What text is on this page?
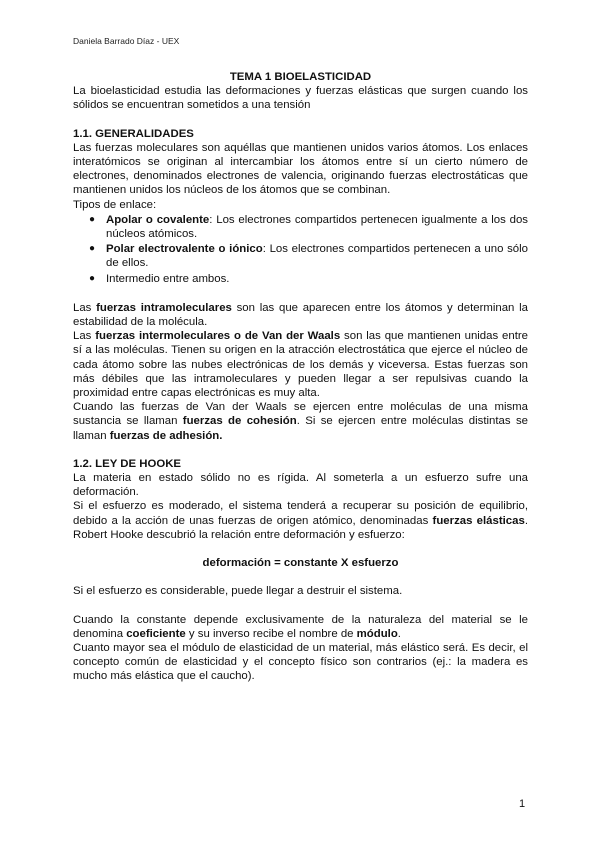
Daniela Barrado Díaz - UEX

TEMA 1 BIOELASTICIDAD

La bioelasticidad estudia las deformaciones y fuerzas elásticas que surgen cuando los sólidos se encuentran sometidos a una tensión

1.1. GENERALIDADES

Las fuerzas moleculares son aquéllas que mantienen unidos varios átomos. Los enlaces interatómicos se originan al intercambiar los átomos entre sí un cierto número de electrones, denominados electrones de valencia, originando fuerzas electrostáticas que mantienen unidos los núcleos de los átomos que se combinan.

Tipos de enlace:

● Apolar o covalente: Los electrones compartidos pertenecen igualmente a los dos núcleos atómicos.
● Polar electrovalente o iónico: Los electrones compartidos pertenecen a uno sólo de ellos.
● Intermedio entre ambos.

Las fuerzas intramoleculares son las que aparecen entre los átomos y determinan la estabilidad de la molécula.

Las fuerzas intermoleculares o de Van der Waals son las que mantienen unidas entre sí a las moléculas. Tienen su origen en la atracción electrostática que ejerce el núcleo de cada átomo sobre las nubes electrónicas de los demás y viceversa. Estas fuerzas son más débiles que las intramoleculares y pueden llegar a ser repulsivas cuando la proximidad entre capas electrónicas es muy alta.

Cuando las fuerzas de Van der Waals se ejercen entre moléculas de una misma sustancia se llaman fuerzas de cohesión. Si se ejercen entre moléculas distintas se llaman fuerzas de adhesión.

1.2. LEY DE HOOKE

La materia en estado sólido no es rígida. Al someterla a un esfuerzo sufre una deformación.

Si el esfuerzo es moderado, el sistema tenderá a recuperar su posición de equilibrio, debido a la acción de unas fuerzas de origen atómico, denominadas fuerzas elásticas. Robert Hooke descubrió la relación entre deformación y esfuerzo:

deformación = constante X esfuerzo

Si el esfuerzo es considerable, puede llegar a destruir el sistema.

Cuando la constante depende exclusivamente de la naturaleza del material se le denomina coeficiente y su inverso recibe el nombre de módulo.

Cuanto mayor sea el módulo de elasticidad de un material, más elástico será. Es decir, el concepto común de elasticidad y el concepto físico son contrarios (ej.: la madera es mucho más elástica que el caucho).

1
